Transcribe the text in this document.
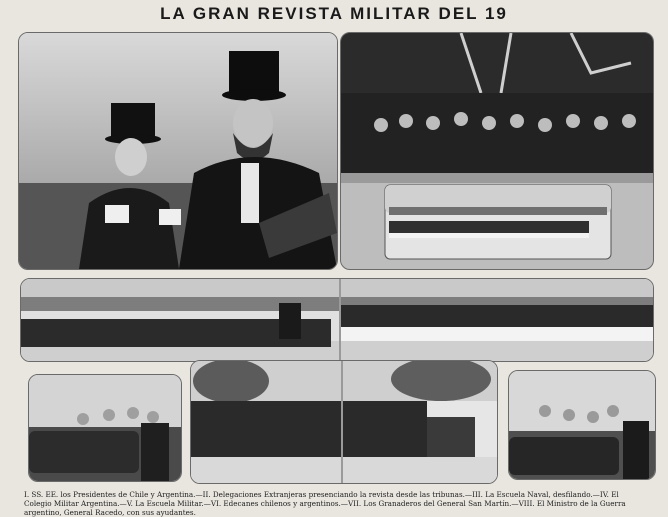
LA GRAN REVISTA MILITAR DEL 19
I. SS. EE. los Presidentes de Chile y Argentina.—II. Delegaciones Extranjeras presenciando la revista desde las tribunas.—III. La Escuela Naval, desfilando.—IV. El Colegio Militar Argentina.—V. La Escuela Militar.—VI. Edecanes chilenos y argentinos.—VII. Los Granaderos del General San Martín.—VIII. El Ministro de la Guerra argentino, General Racedo, con sus ayudantes.
